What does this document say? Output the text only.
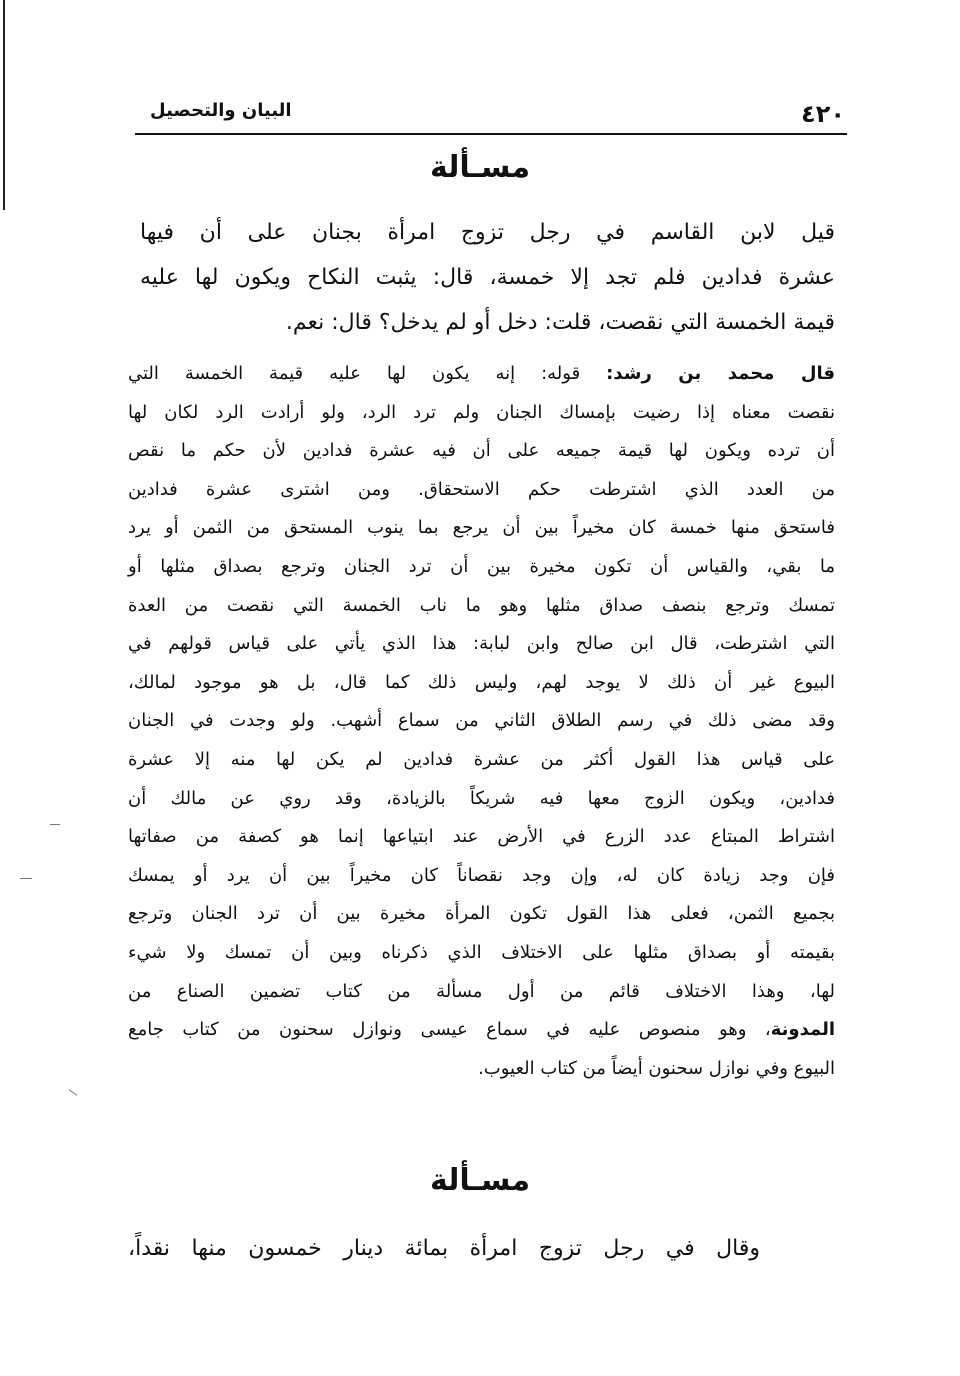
٤٢٠
البيان والتحصيل
مسـألة

قيل لابن القاسم في رجل تزوج امرأة بجنان على أن فيها

عشرة فدادين فلم تجد إلا خمسة، قال: يثبت النكاح ويكون لها عليه

قيمة الخمسة التي نقصت، قلت: دخل أو لم يدخل؟ قال: نعم.

قال محمد بن رشد: قوله: إنه يكون لها عليه قيمة الخمسة التي

نقصت معناه إذا رضيت بإمساك الجنان ولم ترد الرد، ولو أرادت الرد لكان لها

أن ترده ويكون لها قيمة جميعه على أن فيه عشرة فدادين لأن حكم ما نقص

من العدد الذي اشترطت حكم الاستحقاق. ومن اشترى عشرة فدادين

فاستحق منها خمسة كان مخيراً بين أن يرجع بما ينوب المستحق من الثمن أو يرد

ما بقي، والقياس أن تكون مخيرة بين أن ترد الجنان وترجع بصداق مثلها أو

تمسك وترجع بنصف صداق مثلها وهو ما ناب الخمسة التي نقصت من العدة

التي اشترطت، قال ابن صالح وابن لبابة: هذا الذي يأتي على قياس قولهم في

البيوع غير أن ذلك لا يوجد لهم، وليس ذلك كما قال، بل هو موجود لمالك،

وقد مضى ذلك في رسم الطلاق الثاني من سماع أشهب. ولو وجدت في الجنان

على قياس هذا القول أكثر من عشرة فدادين لم يكن لها منه إلا عشرة

فدادين، ويكون الزوج معها فيه شريكاً بالزيادة، وقد روي عن مالك أن

اشتراط المبتاع عدد الزرع في الأرض عند ابتياعها إنما هو كصفة من صفاتها

فإن وجد زيادة كان له، وإن وجد نقصاناً كان مخيراً بين أن يرد أو يمسك

بجميع الثمن، فعلى هذا القول تكون المرأة مخيرة بين أن ترد الجنان وترجع

بقيمته أو بصداق مثلها على الاختلاف الذي ذكرناه وبين أن تمسك ولا شيء

لها، وهذا الاختلاف قائم من أول مسألة من كتاب تضمين الصناع من

المدونة، وهو منصوص عليه في سماع عيسى ونوازل سحنون من كتاب جامع

البيوع وفي نوازل سحنون أيضاً من كتاب العيوب.

مسـألة

وقال في رجل تزوج امرأة بمائة دينار خمسون منها نقداً،
